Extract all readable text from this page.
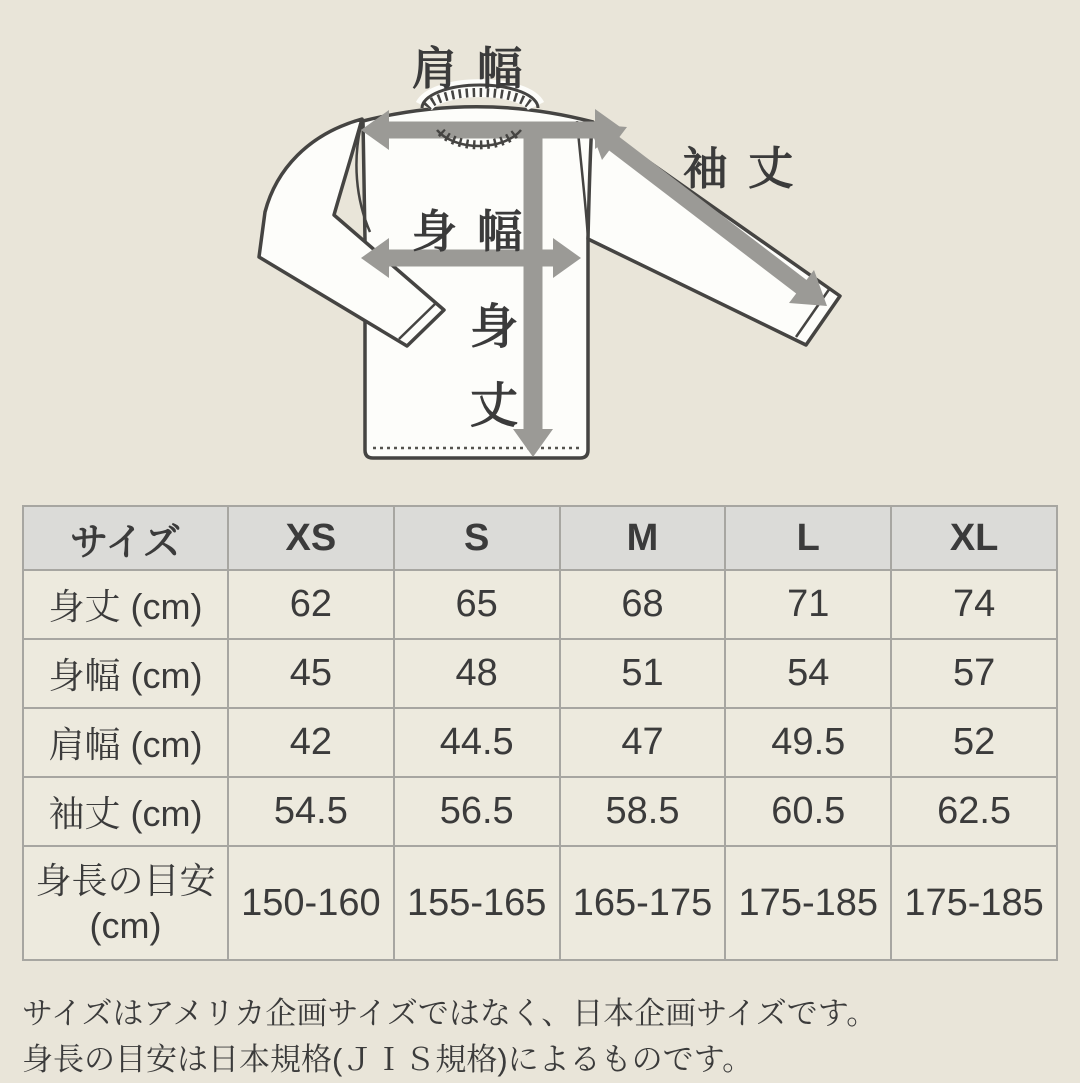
肩 幅
袖 丈
身 幅
身
丈
サイズ	XS	S	M	L	XL
身丈 (cm)	62	65	68	71	74
身幅 (cm)	45	48	51	54	57
肩幅 (cm)	42	44.5	47	49.5	52
袖丈 (cm)	54.5	56.5	58.5	60.5	62.5

身長の目安
(cm)	150-160	155-165	165-175	175-185	175-185

サイズはアメリカ企画サイズではなく、日本企画サイズです。

身長の目安は日本規格(ＪＩＳ規格)によるものです。
